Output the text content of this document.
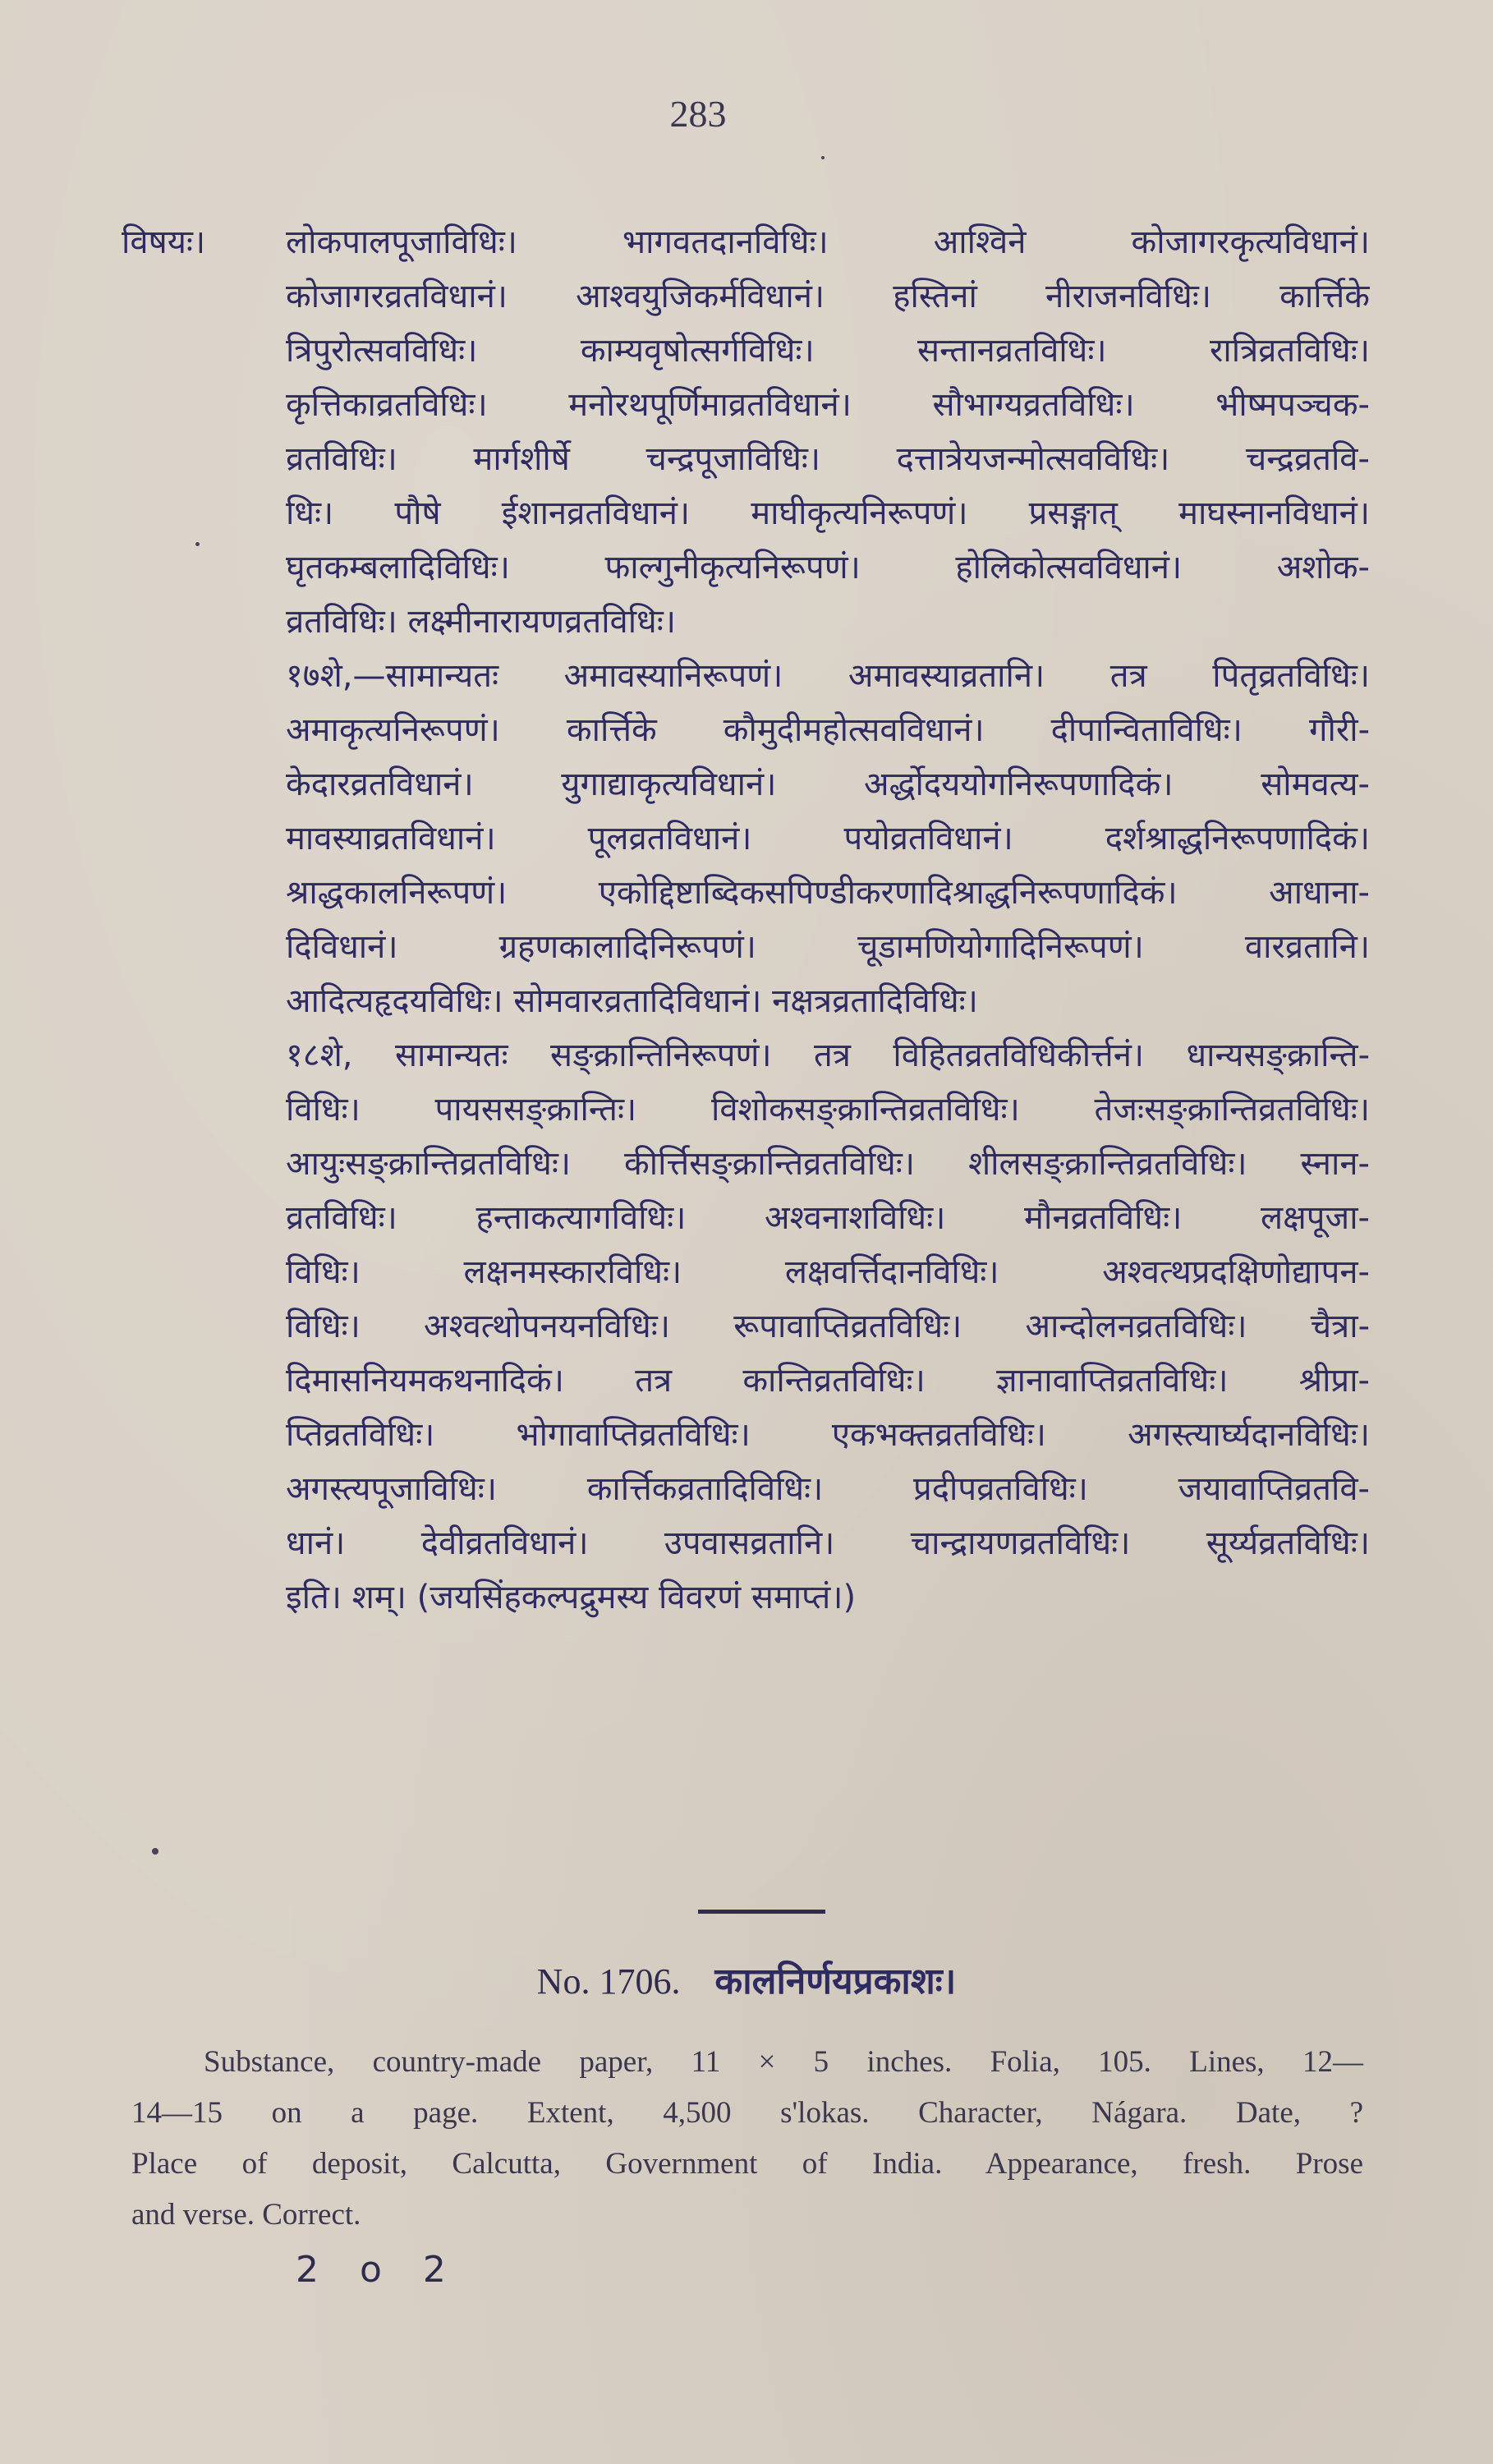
283
विषयः। लोकपालपूजाविधिः। भागवतदानविधिः। आश्विने कोजागरकृत्यविधानं।
कोजागरव्रतविधानं। आश्वयुजिकर्मविधानं। हस्तिनां नीराजनविधिः। कार्त्तिके
त्रिपुरोत्सवविधिः। काम्यवृषोत्सर्गविधिः। सन्तानव्रतविधिः। रात्रिव्रतविधिः।
कृत्तिकाव्रतविधिः। मनोरथपूर्णिमाव्रतविधानं। सौभाग्यव्रतविधिः। भीष्मपञ्चक-
व्रतविधिः। मार्गशीर्षे चन्द्रपूजाविधिः। दत्तात्रेयजन्मोत्सवविधिः। चन्द्रव्रतवि-
धिः। पौषे ईशानव्रतविधानं। माघीकृत्यनिरूपणं। प्रसङ्गात् माघस्नानविधानं।
घृतकम्बलादिविधिः। फाल्गुनीकृत्यनिरूपणं। होलिकोत्सवविधानं। अशोक-
व्रतविधिः। लक्ष्मीनारायणव्रतविधिः।
१७शे,—सामान्यतः अमावस्यानिरूपणं। अमावस्याव्रतानि। तत्र पितृव्रतविधिः।
अमाकृत्यनिरूपणं। कार्त्तिके कौमुदीमहोत्सवविधानं। दीपान्विताविधिः। गौरी-
केदारव्रतविधानं। युगाद्याकृत्यविधानं। अर्द्धोदययोगनिरूपणादिकं। सोमवत्य-
मावस्याव्रतविधानं। पूलव्रतविधानं। पयोव्रतविधानं। दर्शश्राद्धनिरूपणादिकं।
श्राद्धकालनिरूपणं। एकोद्दिष्टाब्दिकसपिण्डीकरणादिश्राद्धनिरूपणादिकं। आधाना-
दिविधानं। ग्रहणकालादिनिरूपणं। चूडामणियोगादिनिरूपणं। वारव्रतानि।
आदित्यहृदयविधिः। सोमवारव्रतादिविधानं। नक्षत्रव्रतादिविधिः।
१८शे, सामान्यतः सङ्क्रान्तिनिरूपणं। तत्र विहितव्रतविधिकीर्त्तनं। धान्यसङ्क्रान्ति-
विधिः। पायससङ्क्रान्तिः। विशोकसङ्क्रान्तिव्रतविधिः। तेजःसङ्क्रान्तिव्रतविधिः।
आयुःसङ्क्रान्तिव्रतविधिः। कीर्त्तिसङ्क्रान्तिव्रतविधिः। शीलसङ्क्रान्तिव्रतविधिः। स्नान-
व्रतविधिः। हन्ताकत्यागविधिः। अश्वनाशविधिः। मौनव्रतविधिः। लक्षपूजा-
विधिः। लक्षनमस्कारविधिः। लक्षवर्त्तिदानविधिः। अश्वत्थप्रदक्षिणोद्यापन-
विधिः। अश्वत्थोपनयनविधिः। रूपावाप्तिव्रतविधिः। आन्दोलनव्रतविधिः। चैत्रा-
दिमासनियमकथनादिकं। तत्र कान्तिव्रतविधिः। ज्ञानावाप्तिव्रतविधिः। श्रीप्रा-
प्तिव्रतविधिः। भोगावाप्तिव्रतविधिः। एकभक्तव्रतविधिः। अगस्त्यार्घ्यदानविधिः।
अगस्त्यपूजाविधिः। कार्त्तिकव्रतादिविधिः। प्रदीपव्रतविधिः। जयावाप्तिव्रतवि-
धानं। देवीव्रतविधानं। उपवासव्रतानि। चान्द्रायणव्रतविधिः। सूर्य्यव्रतविधिः।
इति। शम्। (जयसिंहकल्पद्रुमस्य विवरणं समाप्तं।)
No. 1706. कालनिर्णयप्रकाशः।
Substance, country-made paper, 11 × 5 inches. Folia, 105. Lines, 12—
14—15 on a page. Extent, 4,500 s'lokas. Character, Nágara. Date, ?
Place of deposit, Calcutta, Government of India. Appearance, fresh. Prose
and verse. Correct.
2 o 2
